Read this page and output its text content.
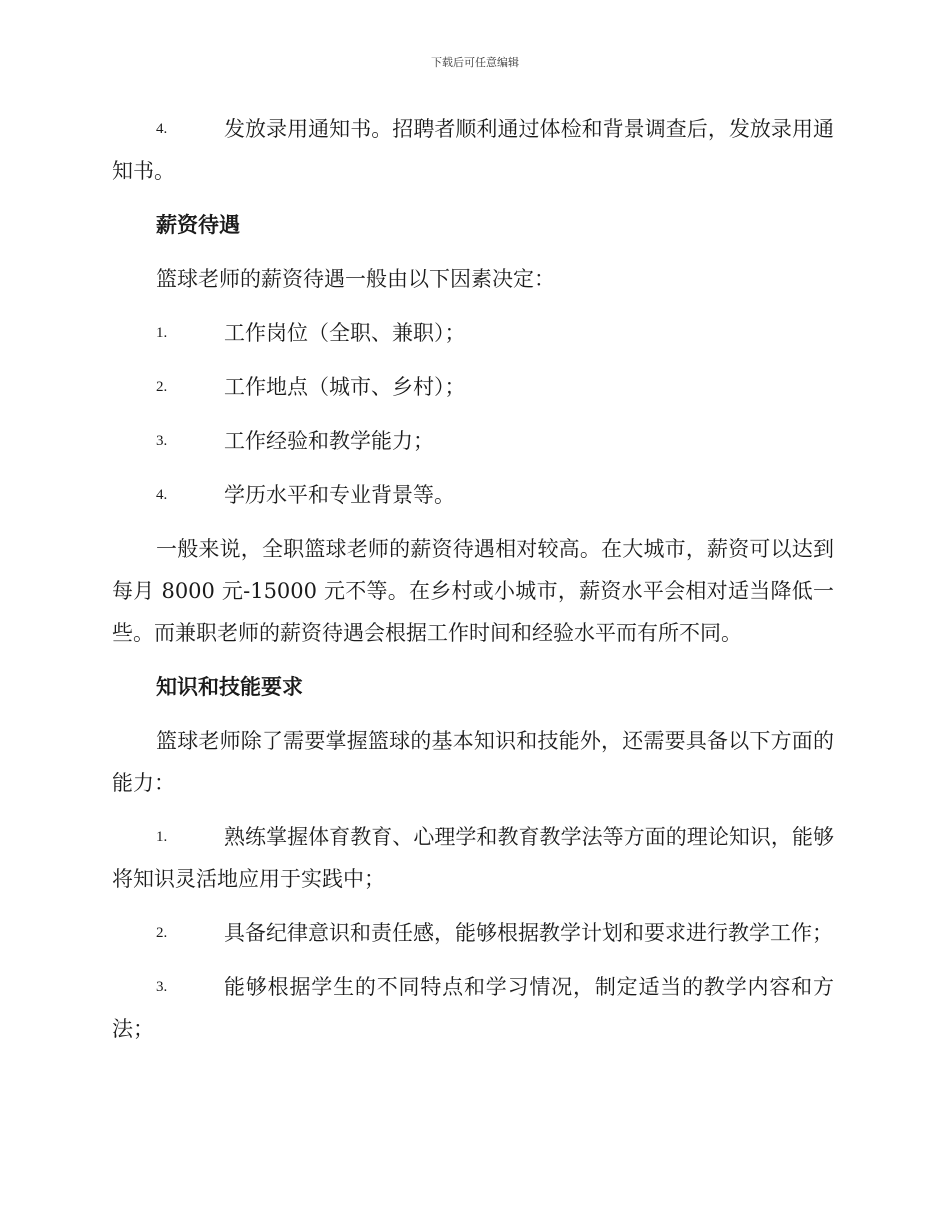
下载后可任意编辑

4.	发放录用通知书。招聘者顺利通过体检和背景调查后，发放录用通知书。

薪资待遇

篮球老师的薪资待遇一般由以下因素决定：

1.	工作岗位（全职、兼职）；

2.	工作地点（城市、乡村）；

3.	工作经验和教学能力；

4.	学历水平和专业背景等。

一般来说，全职篮球老师的薪资待遇相对较高。在大城市，薪资可以达到每月 8000 元-15000 元不等。在乡村或小城市，薪资水平会相对适当降低一些。而兼职老师的薪资待遇会根据工作时间和经验水平而有所不同。

知识和技能要求

篮球老师除了需要掌握篮球的基本知识和技能外，还需要具备以下方面的能力：

1.	熟练掌握体育教育、心理学和教育教学法等方面的理论知识，能够将知识灵活地应用于实践中；

2.	具备纪律意识和责任感，能够根据教学计划和要求进行教学工作；

3.	能够根据学生的不同特点和学习情况，制定适当的教学内容和方法；
